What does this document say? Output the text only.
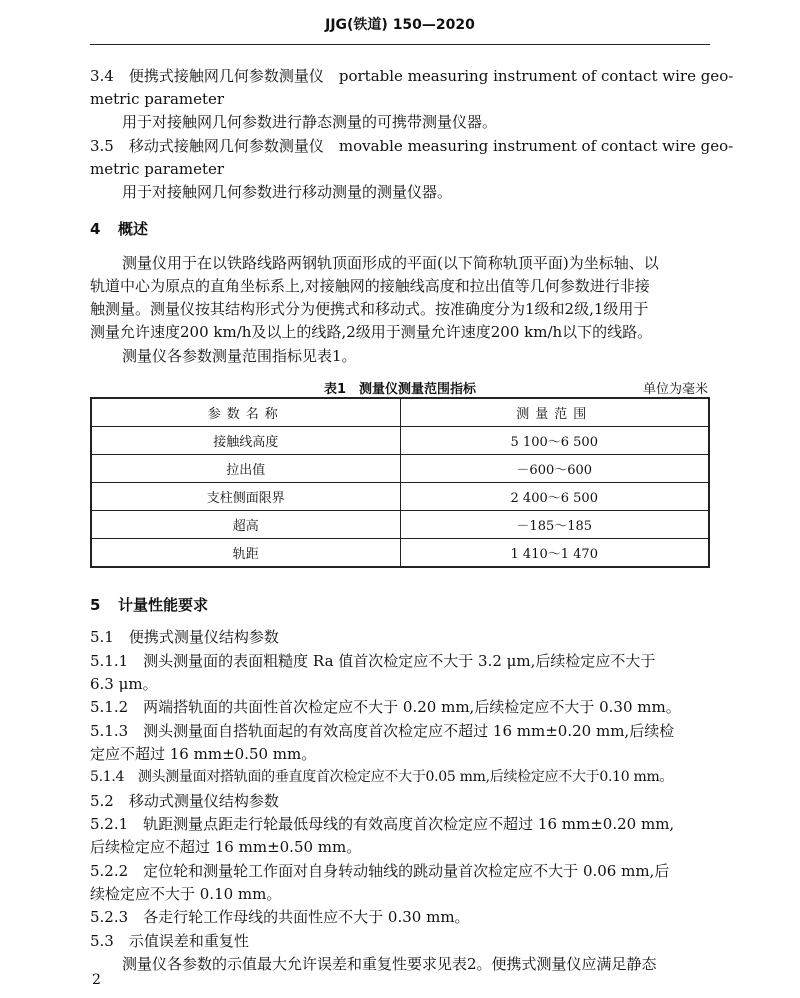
JJG(铁道) 150—2020
3.4　便携式接触网几何参数测量仪　portable measuring instrument of contact wire geo-
metric parameter
用于对接触网几何参数进行静态测量的可携带测量仪器。
3.5　移动式接触网几何参数测量仪　movable measuring instrument of contact wire geo-
metric parameter
用于对接触网几何参数进行移动测量的测量仪器。
4 概述
测量仪用于在以铁路线路两钢轨顶面形成的平面(以下简称轨顶平面)为坐标轴、以
轨道中心为原点的直角坐标系上,对接触网的接触线高度和拉出值等几何参数进行非接
触测量。测量仪按其结构形式分为便携式和移动式。按准确度分为1级和2级,1级用于
测量允许速度200 km/h及以上的线路,2级用于测量允许速度200 km/h以下的线路。
测量仪各参数测量范围指标见表1。
表1　测量仪测量范围指标	单位为毫米
参数名称	测量范围
接触线高度	5 100～6 500
拉出值	－600～600
支柱侧面限界	2 400～6 500
超高	－185～185
轨距	1 410～1 470
5 计量性能要求
5.1　便携式测量仪结构参数
5.1.1　测头测量面的表面粗糙度 Ra 值首次检定应不大于 3.2 μm,后续检定应不大于
6.3 μm。
5.1.2　两端搭轨面的共面性首次检定应不大于 0.20 mm,后续检定应不大于 0.30 mm。
5.1.3　测头测量面自搭轨面起的有效高度首次检定应不超过 16 mm±0.20 mm,后续检
定应不超过 16 mm±0.50 mm。
5.1.4　测头测量面对搭轨面的垂直度首次检定应不大于0.05 mm,后续检定应不大于0.10 mm。
5.2　移动式测量仪结构参数
5.2.1　轨距测量点距走行轮最低母线的有效高度首次检定应不超过 16 mm±0.20 mm,
后续检定应不超过 16 mm±0.50 mm。
5.2.2　定位轮和测量轮工作面对自身转动轴线的跳动量首次检定应不大于 0.06 mm,后
续检定应不大于 0.10 mm。
5.2.3　各走行轮工作母线的共面性应不大于 0.30 mm。
5.3　示值误差和重复性
测量仪各参数的示值最大允许误差和重复性要求见表2。便携式测量仪应满足静态
2
